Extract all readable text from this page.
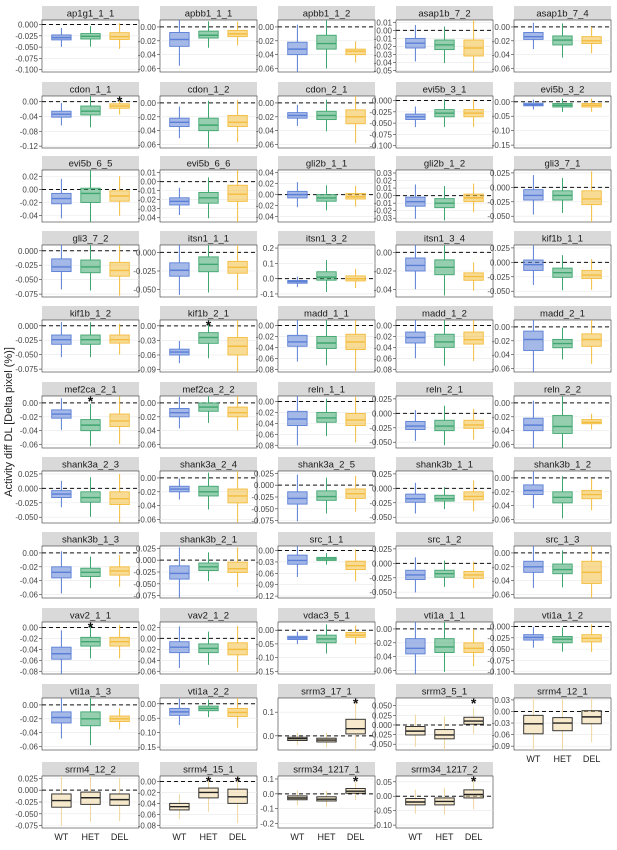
Activity diff DL [Delta pixel (%)]
ap1g1_1_1
0.000
-0.025
-0.050
-0.075
-0.100
apbb1_1_1
0.00
-0.02
-0.04
-0.06
apbb1_1_2
0.00
-0.02
-0.04
-0.06
asap1b_7_2
0.01
0.00
-0.01
-0.02
-0.03
-0.04
-0.05
asap1b_7_4
0.00
-0.02
-0.04
-0.06
cdon_1_1
0.00
-0.04
-0.08
-0.12
*
cdon_1_2
0.00
-0.02
-0.04
-0.06
cdon_2_1
0.00
-0.02
-0.04
-0.06
evi5b_3_1
0.000
-0.025
-0.050
-0.075
-0.100
evi5b_3_2
0.00
-0.05
-0.10
-0.15
evi5b_6_5
0.02
0.00
-0.02
-0.04
evi5b_6_6
0.01
0.00
-0.01
-0.02
-0.03
-0.04
gli2b_1_1
0.04
0.02
0.00
-0.02
-0.04
gli2b_1_2
0.03
0.02
0.01
0.00
-0.01
-0.02
-0.03
gli3_7_1
0.025
0.000
-0.025
-0.050
gli3_7_2
0.000
-0.025
-0.050
-0.075
itsn1_1_1
0.000
-0.025
-0.050
itsn1_3_2
0.2
0.1
0.0
-0.1
itsn1_3_4
0.00
-0.02
-0.04
kif1b_1_1
0.025
0.000
-0.025
-0.050
kif1b_1_2
0.000
-0.025
-0.050
-0.075
kif1b_2_1
0.00
-0.03
-0.06
-0.09
*
madd_1_1
0.00
-0.02
-0.04
-0.06
-0.08
madd_1_2
0.00
-0.02
-0.04
-0.06
-0.08
madd_2_1
0.00
-0.02
-0.04
-0.06
mef2ca_2_1
0.00
-0.02
-0.04
-0.06
*
mef2ca_2_2
0.00
-0.02
-0.04
-0.06
reln_1_1
0.00
-0.02
-0.04
-0.06
-0.08
reln_2_1
0.025
0.000
-0.025
-0.050
reln_2_2
0.00
-0.02
-0.04
-0.06
shank3a_2_3
0.025
0.000
-0.025
-0.050
shank3a_2_4
0.00
-0.02
-0.04
-0.06
shank3a_2_5
0.025
0.000
-0.025
-0.050
-0.075
shank3b_1_1
0.025
0.000
-0.025
-0.050
shank3b_1_2
0.00
-0.02
-0.04
-0.06
shank3b_1_3
0.00
-0.02
-0.04
-0.06
shank3b_2_1
0.025
0.000
-0.025
-0.050
-0.075
src_1_1
0.00
-0.03
-0.06
-0.09
-0.12
src_1_2
0.025
0.000
-0.025
-0.050
src_1_3
0.00
-0.02
-0.04
-0.06
vav2_1_1
0.00
-0.02
-0.04
-0.06
-0.08
*
vav2_1_2
0.02
0.00
-0.02
-0.04
-0.06
vdac3_5_1
0.00
-0.05
-0.10
-0.15
vti1a_1_1
0.00
-0.02
-0.04
-0.06
vti1a_1_2
0.000
-0.025
-0.050
-0.075
-0.100
vti1a_1_3
0.00
-0.02
-0.04
-0.06
vti1a_2_2
0.00
-0.05
-0.10
-0.15
srrm3_17_1
0.1
0.0
*
srrm3_5_1
0.050
0.025
0.000
-0.025
-0.050
*
srrm4_12_1
0.03
0.00
-0.03
-0.06
-0.09
WT HET DEL
srrm4_12_2
0.025
0.000
-0.025
-0.050
-0.075
WT HET DEL
srrm4_15_1
0.00
-0.02
-0.04
-0.06
-0.08
* *
WT HET DEL
srrm34_1217_1
0.1
0.0
-0.1
-0.2
*
WT HET DEL
srrm34_1217_2
0.05
0.00
-0.05
-0.10
*
WT HET DEL
